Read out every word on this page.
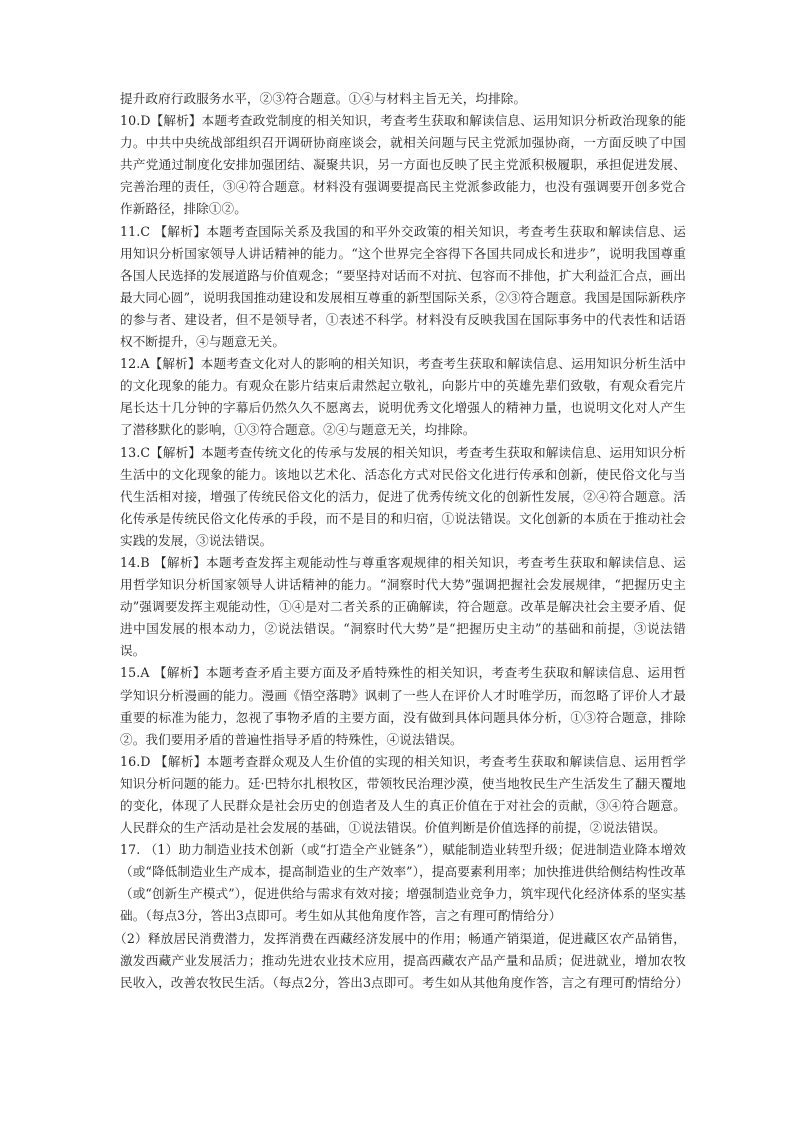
提升政府行政服务水平，②③符合题意。①④与材料主旨无关，均排除。

10.D【解析】本题考查政党制度的相关知识，考查考生获取和解读信息、运用知识分析政治现象的能力。中共中央统战部组织召开调研协商座谈会，就相关问题与民主党派加强协商，一方面反映了中国共产党通过制度化安排加强团结、凝聚共识，另一方面也反映了民主党派积极履职，承担促进发展、完善治理的责任，③④符合题意。材料没有强调要提高民主党派参政能力，也没有强调要开创多党合作新路径，排除①②。

11.C 【解析】本题考查国际关系及我国的和平外交政策的相关知识，考查考生获取和解读信息、运用知识分析国家领导人讲话精神的能力。“这个世界完全容得下各国共同成长和进步”，说明我国尊重各国人民选择的发展道路与价值观念；“要坚持对话而不对抗、包容而不排他，扩大利益汇合点，画出最大同心圆”，说明我国推动建设和发展相互尊重的新型国际关系，②③符合题意。我国是国际新秩序的参与者、建设者，但不是领导者，①表述不科学。材料没有反映我国在国际事务中的代表性和话语权不断提升，④与题意无关。

12.A【解析】本题考查文化对人的影响的相关知识，考查考生获取和解读信息、运用知识分析生活中的文化现象的能力。有观众在影片结束后肃然起立敬礼，向影片中的英雄先辈们致敬，有观众看完片尾长达十几分钟的字幕后仍然久久不愿离去，说明优秀文化增强人的精神力量，也说明文化对人产生了潜移默化的影响，①③符合题意。②④与题意无关，均排除。

13.C【解析】本题考查传统文化的传承与发展的相关知识，考查考生获取和解读信息、运用知识分析生活中的文化现象的能力。该地以艺术化、活态化方式对民俗文化进行传承和创新，使民俗文化与当代生活相对接，增强了传统民俗文化的活力，促进了优秀传统文化的创新性发展，②④符合题意。活化传承是传统民俗文化传承的手段，而不是目的和归宿，①说法错误。文化创新的本质在于推动社会实践的发展，③说法错误。

14.B 【解析】本题考查发挥主观能动性与尊重客观规律的相关知识，考查考生获取和解读信息、运用哲学知识分析国家领导人讲话精神的能力。“洞察时代大势”强调把握社会发展规律，“把握历史主动”强调要发挥主观能动性，①④是对二者关系的正确解读，符合题意。改革是解决社会主要矛盾、促进中国发展的根本动力，②说法错误。“洞察时代大势”是“把握历史主动”的基础和前提，③说法错误。

15.A 【解析】本题考查矛盾主要方面及矛盾特殊性的相关知识，考查考生获取和解读信息、运用哲学知识分析漫画的能力。漫画《悟空落聘》讽刺了一些人在评价人才时唯学历，而忽略了评价人才最重要的标准为能力，忽视了事物矛盾的主要方面，没有做到具体问题具体分析，①③符合题意，排除②。我们要用矛盾的普遍性指导矛盾的特殊性，④说法错误。

16.D 【解析】本题考查群众观及人生价值的实现的相关知识，考查考生获取和解读信息、运用哲学知识分析问题的能力。廷·巴特尔扎根牧区，带领牧民治理沙漠，使当地牧民生产生活发生了翻天覆地的变化，体现了人民群众是社会历史的创造者及人生的真正价值在于对社会的贡献，③④符合题意。人民群众的生产活动是社会发展的基础，①说法错误。价值判断是价值选择的前提，②说法错误。

17. （1）助力制造业技术创新（或“打造全产业链条”），赋能制造业转型升级；促进制造业降本增效（或“降低制造业生产成本，提高制造业的生产效率”），提高要素利用率；加快推进供给侧结构性改革（或“创新生产模式”），促进供给与需求有效对接；增强制造业竞争力，筑牢现代化经济体系的坚实基础。（每点3分，答出3点即可。考生如从其他角度作答，言之有理可酌情给分）

（2）释放居民消费潜力，发挥消费在西藏经济发展中的作用；畅通产销渠道，促进藏区农产品销售，激发西藏产业发展活力；推动先进农业技术应用，提高西藏农产品产量和品质；促进就业，增加农牧民收入，改善农牧民生活。（每点2分，答出3点即可。考生如从其他角度作答，言之有理可酌情给分）
